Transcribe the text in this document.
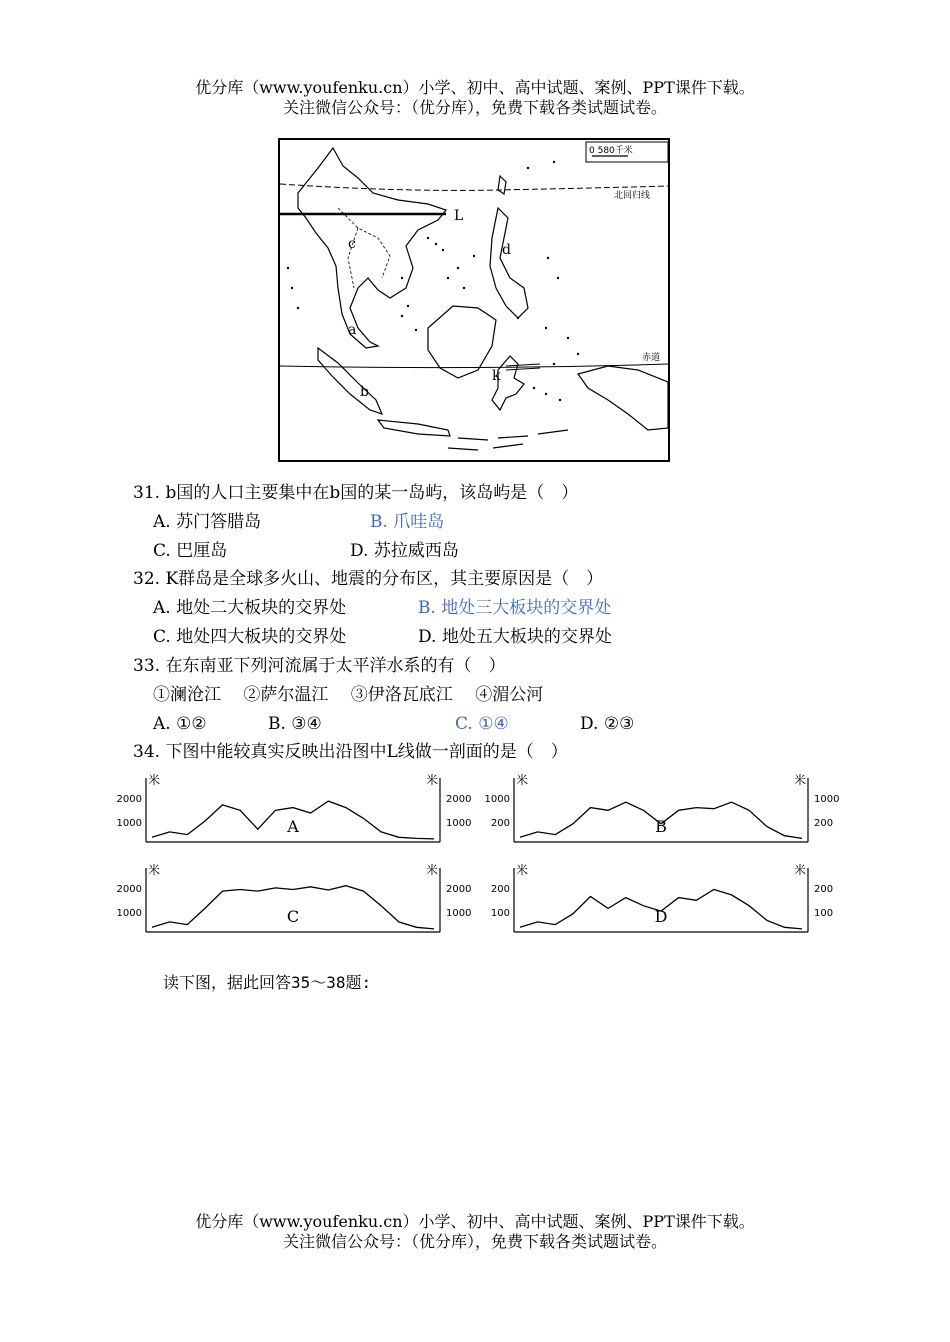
优分库（www.youfenku.cn）小学、初中、高中试题、案例、PPT课件下载。
关注微信公众号：（优分库），免费下载各类试题试卷。
0 580千米
北回归线
赤道
L
c	d
a
b
k
31. b国的人口主要集中在b国的某一岛屿，该岛屿是（　）
A. 苏门答腊岛	B. 爪哇岛
C. 巴厘岛	D. 苏拉威西岛
32. K群岛是全球多火山、地震的分布区，其主要原因是（　）
A. 地处二大板块的交界处	B. 地处三大板块的交界处
C. 地处四大板块的交界处	D. 地处五大板块的交界处
33. 在东南亚下列河流属于太平洋水系的有（　）
①澜沧江　 ②萨尔温江　 ③伊洛瓦底江　 ④湄公河
A. ①②	B. ③④	C. ①④	D. ②③
34. 下图中能较真实反映出沿图中L线做一剖面的是（　）
米	米
2000	2000
1000	1000
A
米	米
1000	1000
200	200
B
米	米
2000	2000
1000	1000
C
米	米
200	200
100	100
D
读下图，据此回答35～38题:
优分库（www.youfenku.cn）小学、初中、高中试题、案例、PPT课件下载。
关注微信公众号：（优分库），免费下载各类试题试卷。
